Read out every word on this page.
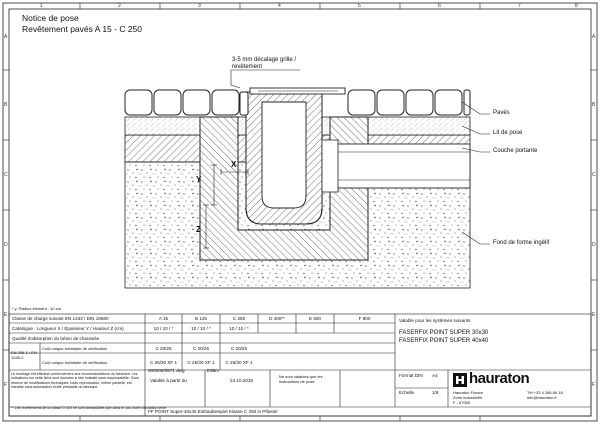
1	2	3	4	5	6	7	8
A
B
C
D
E
F
A
B
C
D
E
F
Notice de pose
Revêtement pavés A 15 - C 250
3-5 mm décalage grille /
revêtement
Pavés
Lit de pose
Couche portante
Fond de forme ingélif
X
Y
Z
* y: Radius élément : 10 cm
Classe de charge suivant EN 1433 / DIN 19580	A 15	B 125	C 250	D 400**	E 600	F 900	Valable pour les systèmes suivants
FASERFIX POINT SUPER 30x30
FASERFIX POINT SUPER 40x40
Catalogue : Longueur X / Épaisseur Y / Hauteur Z (cm)	10 / 10 / *	10 / 10 / *	10 / 10 / *
Qualité d'absorption du béton de chaussée
EN 206-1 / EN 1045-2
Coût unique forfaitaire de vérification	C 20/25	C 20/25	C 20/25
Coût unique forfaitaire de vérification	C 25/30 XF 1	C 25/30 XF 1	C 25/30 XF 1
Le montage est effectué conformément aux recommandations du fabricant. Les indications sur cette fiche sont données à titre indicatif sans responsabilité. Sous réserve de modifications techniques, toute reproduction, même partielle, est interdite sans autorisation écrite préalable du fabricant.
000000/0571 dwg	E98m
Valable à partir du	24.10.2018
Ne sont valables que les instructions de pose
Format DIN A4
Echelle	1/8
** Les revêtements de la classe D 400 ne sont admissibles que dans le cas d'une circulation lente
FF POINT Super-40x40 Einbaubeispiel Klasse C 250 in Pflaster
hauraton
Hauraton France
Zone industrielle
F - 67000
Tél +33 4 266 66 18
info@hauraton.fr
